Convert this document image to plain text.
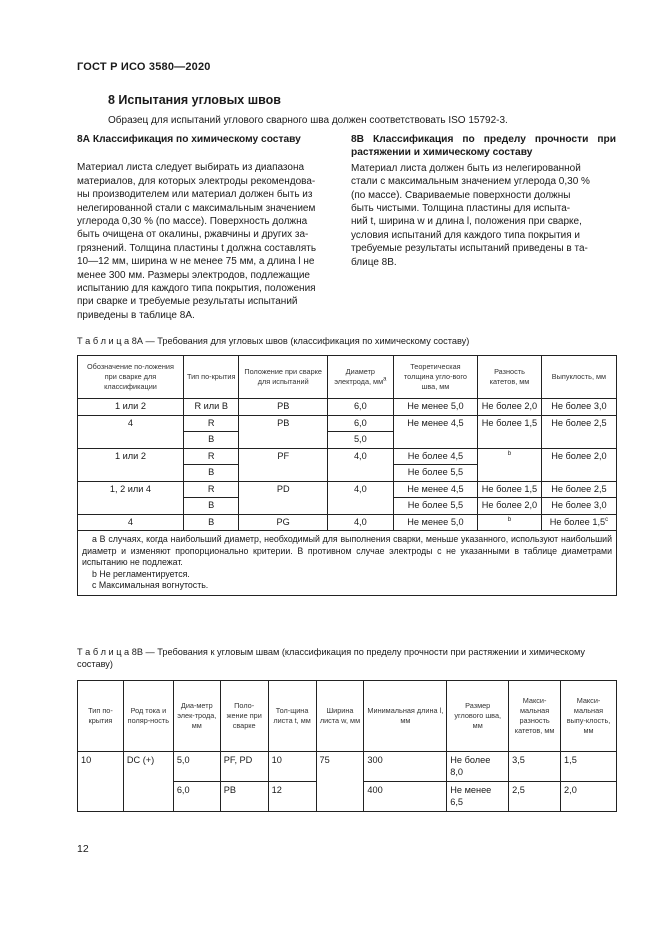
ГОСТ Р ИСО 3580—2020
8 Испытания угловых швов
Образец для испытаний углового сварного шва должен соответствовать ISO 15792-3.

8А Классификация по химическому составу

Материал листа следует выбирать из диапазона

материалов, для которых электроды рекомендова-

ны производителем или материал должен быть из

нелегированной стали с максимальным значением

углерода 0,30 % (по массе). Поверхность должна

быть очищена от окалины, ржавчины и других за-

грязнений. Толщина пластины t должна составлять

10—12 мм, ширина w не менее 75 мм, а длина l не

менее 300 мм. Размеры электродов, подлежащие

испытанию для каждого типа покрытия, положения

при сварке и требуемые результаты испытаний

приведены в таблице 8А.

8В Классификация по пределу прочности при растяжении и химическому составу

Материал листа должен быть из нелегированной

стали с максимальным значением углерода 0,30 %

(по массе). Свариваемые поверхности должны

быть чистыми. Толщина пластины для испыта-

ний t, ширина w и длина l, положения при сварке,

условия испытаний для каждого типа покрытия и

требуемые результаты испытаний приведены в та-

блице 8В.

Т а б л и ц а 8А — Требования для угловых швов (классификация по химическому составу)
Обозначение по-ложения при сварке для классификации	Тип по-крытия	Положение при сварке для испытаний	Диаметр электрода, $мм^a$	Теоретическая толщина угло-вого шва, мм	Разность катетов, мм	Выпуклость, мм
1 или 2	R или B	PB	6,0	Не менее 5,0	Не более 2,0	Не более 3,0
4	R	PB	6,0	Не менее 4,5	Не более 1,5	Не более 2,5
	B		5,0			
1 или 2	R	PF	4,0	Не более 4,5	$^b$	Не более 2,0
	B			Не более 5,5		
1, 2 или 4	R	PD	4,0	Не менее 4,5	Не более 1,5	Не более 2,5
	B			Не более 5,5	Не более 2,0	Не более 3,0
4	B	PG	4,0	Не менее 5,0	$^b$	Не более 1,5$^c$

a В случаях, когда наибольший диаметр, необходимый для выполнения сварки, меньше указанного, используют наибольший диаметр и изменяют пропорционально критерии. В противном случае электроды с не указанными в таблице диаметрами испытанию не подлежат.

b Не регламентируется.

c Максимальная вогнутость.						

Т а б л и ц а 8В — Требования к угловым швам (классификация по пределу прочности при растяжении и химическому составу)
Тип по-крытия	Род тока и поляр-ность	Диа-метр элек-трода, мм	Поло-жение при сварке	Тол-щина листа t, мм	Ширина листа w, мм	Минимальная длина l, мм	Размер углового шва, мм	Макси-мальная разность катетов, мм	Макси-мальная выпу-клость, мм
10	DC (+)	5,0	PF, PD	10	75	300	Не более 8,0	3,5	1,5
		6,0	PB	12		400	Не менее 6,5	2,5	2,0
12
